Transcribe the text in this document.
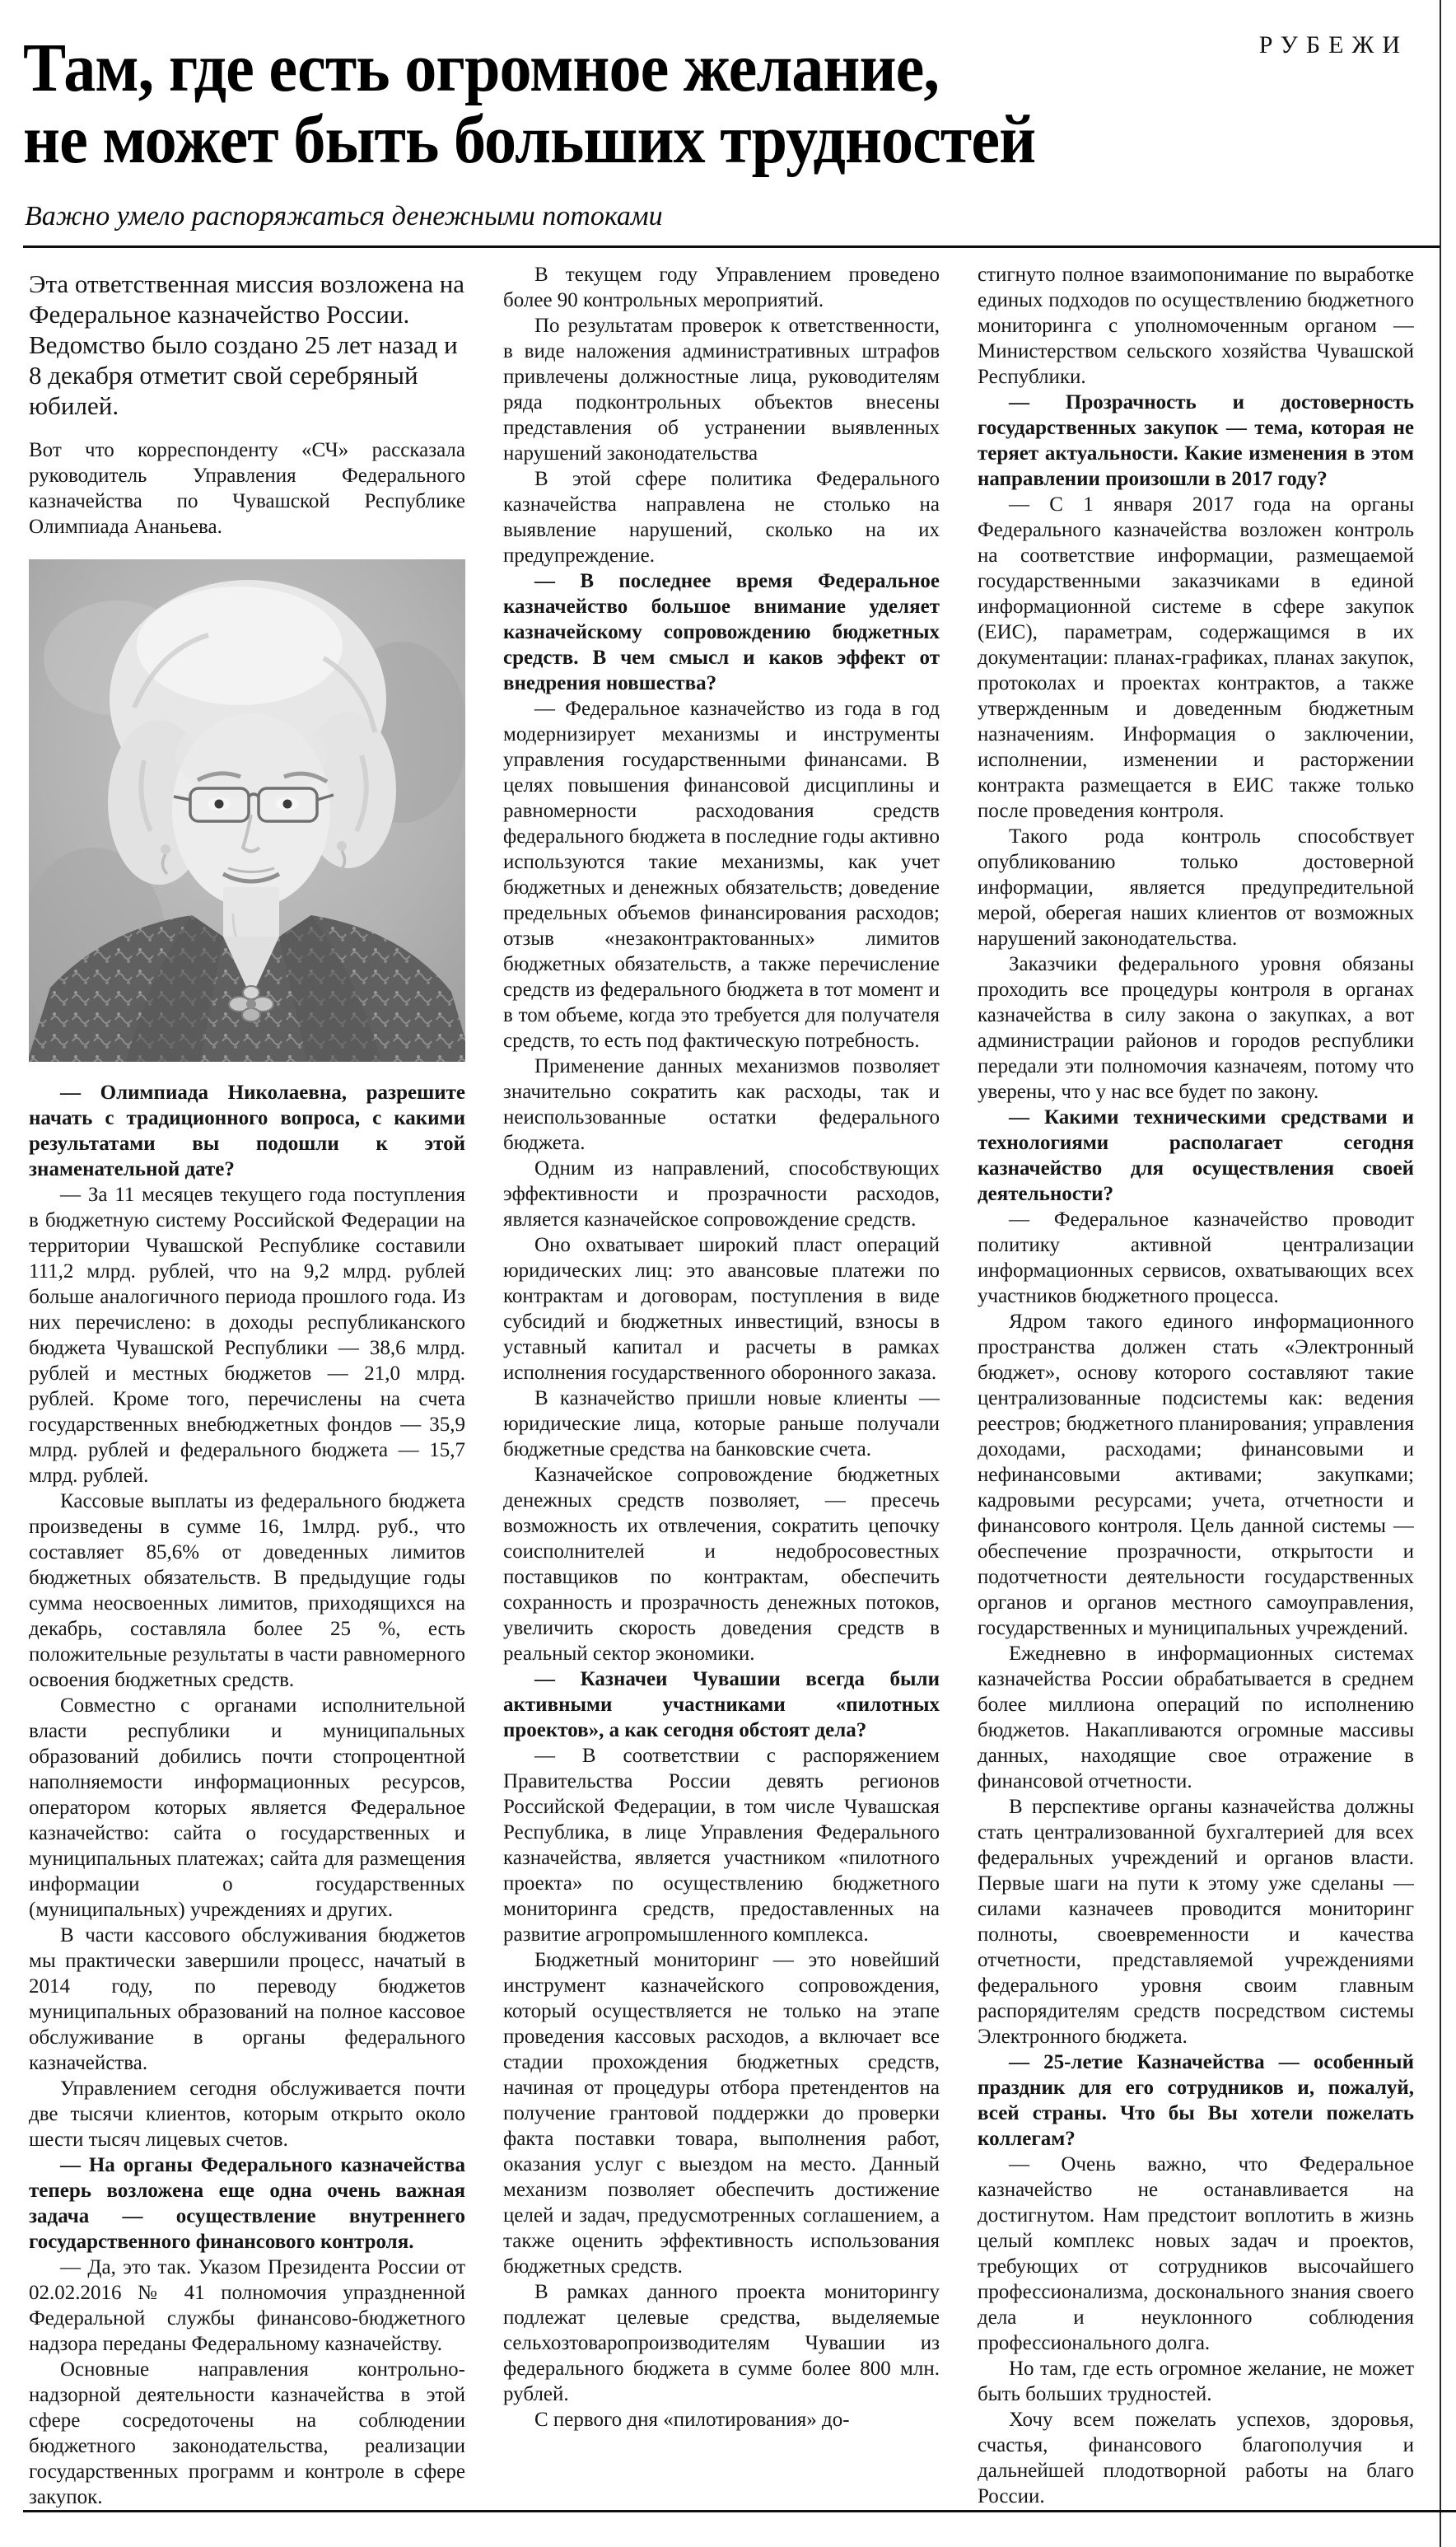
РУБЕЖИ
Там, где есть огромное желание,
не может быть больших трудностей

Важно умело распоряжаться денежными потоками

Эта ответственная миссия возложена на Федеральное казначейство России. Ведомство было создано 25 лет назад и 8 декабря отметит свой серебряный юбилей.

Вот что корреспонденту «СЧ» рассказала руководитель Управления Федерального казначейства по Чувашской Республике Олимпиада Ананьева.

— Олимпиада Николаевна, разрешите начать с традиционного вопроса, с какими результатами вы подошли к этой знаменательной дате?

— За 11 месяцев текущего года поступления в бюджетную систему Российской Федерации на территории Чувашской Республике составили 111,2 млрд. рублей, что на 9,2 млрд. рублей больше аналогичного периода прошлого года. Из них перечислено: в доходы республиканского бюджета Чувашской Республики — 38,6 млрд. рублей и местных бюджетов — 21,0 млрд. рублей. Кроме того, перечислены на счета государственных внебюджетных фондов — 35,9 млрд. рублей и федерального бюджета — 15,7 млрд. рублей.

Кассовые выплаты из федерального бюджета произведены в сумме 16, 1млрд. руб., что составляет 85,6% от доведенных лимитов бюджетных обязательств. В предыдущие годы сумма неосвоенных лимитов, приходящихся на декабрь, составляла более 25 %, есть положительные результаты в части равномерного освоения бюджетных средств.

Совместно с органами исполнительной власти республики и муниципальных образований добились почти стопроцентной наполняемости информационных ресурсов, оператором которых является Федеральное казначейство: сайта о государственных и муниципальных платежах; сайта для размещения информации о государственных (муниципальных) учреждениях и других.

В части кассового обслуживания бюджетов мы практически завершили процесс, начатый в 2014 году, по переводу бюджетов муниципальных образований на полное кассовое обслуживание в органы федерального казначейства.

Управлением сегодня обслуживается почти две тысячи клиентов, которым открыто около шести тысяч лицевых счетов.

— На органы Федерального казначейства теперь возложена еще одна очень важная задача — осуществление внутреннего государственного финансового контроля.

— Да, это так. Указом Президента России от 02.02.2016 № 41 полномочия упраздненной Федеральной службы финансово-бюджетного надзора переданы Федеральному казначейству.

Основные направления контрольно-надзорной деятельности казначейства в этой сфере сосредоточены на соблюдении бюджетного законодательства, реализации государственных программ и контроле в сфере закупок.

В текущем году Управлением проведено более 90 контрольных мероприятий.

По результатам проверок к ответственности, в виде наложения административных штрафов привлечены должностные лица, руководителям ряда подконтрольных объектов внесены представления об устранении выявленных нарушений законодательства

В этой сфере политика Федерального казначейства направлена не столько на выявление нарушений, сколько на их предупреждение.

— В последнее время Федеральное казначейство большое внимание уделяет казначейскому сопровождению бюджетных средств. В чем смысл и каков эффект от внедрения новшества?

— Федеральное казначейство из года в год модернизирует механизмы и инструменты управления государственными финансами. В целях повышения финансовой дисциплины и равномерности расходования средств федерального бюджета в последние годы активно используются такие механизмы, как учет бюджетных и денежных обязательств; доведение предельных объемов финансирования расходов; отзыв «незаконтрактованных» лимитов бюджетных обязательств, а также перечисление средств из федерального бюджета в тот момент и в том объеме, когда это требуется для получателя средств, то есть под фактическую потребность.

Применение данных механизмов позволяет значительно сократить как расходы, так и неиспользованные остатки федерального бюджета.

Одним из направлений, способствующих эффективности и прозрачности расходов, является казначейское сопровождение средств.

Оно охватывает широкий пласт операций юридических лиц: это авансовые платежи по контрактам и договорам, поступления в виде субсидий и бюджетных инвестиций, взносы в уставный капитал и расчеты в рамках исполнения государственного оборонного заказа.

В казначейство пришли новые клиенты — юридические лица, которые раньше получали бюджетные средства на банковские счета.

Казначейское сопровождение бюджетных денежных средств позволяет, — пресечь возможность их отвлечения, сократить цепочку соисполнителей и недобросовестных поставщиков по контрактам, обеспечить сохранность и прозрачность денежных потоков, увеличить скорость доведения средств в реальный сектор экономики.

— Казначеи Чувашии всегда были активными участниками «пилотных проектов», а как сегодня обстоят дела?

— В соответствии с распоряжением Правительства России девять регионов Российской Федерации, в том числе Чувашская Республика, в лице Управления Федерального казначейства, является участником «пилотного проекта» по осуществлению бюджетного мониторинга средств, предоставленных на развитие агропромышленного комплекса.

Бюджетный мониторинг — это новейший инструмент казначейского сопровождения, который осуществляется не только на этапе проведения кассовых расходов, а включает все стадии прохождения бюджетных средств, начиная от процедуры отбора претендентов на получение грантовой поддержки до проверки факта поставки товара, выполнения работ, оказания услуг с выездом на место. Данный механизм позволяет обеспечить достижение целей и задач, предусмотренных соглашением, а также оценить эффективность использования бюджетных средств.

В рамках данного проекта мониторингу подлежат целевые средства, выделяемые сельхозтоваропроизводителям Чувашии из федерального бюджета в сумме более 800 млн. рублей.

С первого дня «пилотирования» до-

стигнуто полное взаимопонимание по выработке единых подходов по осуществлению бюджетного мониторинга с уполномоченным органом — Министерством сельского хозяйства Чувашской Республики.

— Прозрачность и достоверность государственных закупок — тема, которая не теряет актуальности. Какие изменения в этом направлении произошли в 2017 году?

— С 1 января 2017 года на органы Федерального казначейства возложен контроль на соответствие информации, размещаемой государственными заказчиками в единой информационной системе в сфере закупок (ЕИС), параметрам, содержащимся в их документации: планах-графиках, планах закупок, протоколах и проектах контрактов, а также утвержденным и доведенным бюджетным назначениям. Информация о заключении, исполнении, изменении и расторжении контракта размещается в ЕИС также только после проведения контроля.

Такого рода контроль способствует опубликованию только достоверной информации, является предупредительной мерой, оберегая наших клиентов от возможных нарушений законодательства.

Заказчики федерального уровня обязаны проходить все процедуры контроля в органах казначейства в силу закона о закупках, а вот администрации районов и городов республики передали эти полномочия казначеям, потому что уверены, что у нас все будет по закону.

— Какими техническими средствами и технологиями располагает сегодня казначейство для осуществления своей деятельности?

— Федеральное казначейство проводит политику активной централизации информационных сервисов, охватывающих всех участников бюджетного процесса.

Ядром такого единого информационного пространства должен стать «Электронный бюджет», основу которого составляют такие централизованные подсистемы как: ведения реестров; бюджетного планирования; управления доходами, расходами; финансовыми и нефинансовыми активами; закупками; кадровыми ресурсами; учета, отчетности и финансового контроля. Цель данной системы — обеспечение прозрачности, открытости и подотчетности деятельности государственных органов и органов местного самоуправления, государственных и муниципальных учреждений.

Ежедневно в информационных системах казначейства России обрабатывается в среднем более миллиона операций по исполнению бюджетов. Накапливаются огромные массивы данных, находящие свое отражение в финансовой отчетности.

В перспективе органы казначейства должны стать централизованной бухгалтерией для всех федеральных учреждений и органов власти. Первые шаги на пути к этому уже сделаны — силами казначеев проводится мониторинг полноты, своевременности и качества отчетности, представляемой учреждениями федерального уровня своим главным распорядителям средств посредством системы Электронного бюджета.

— 25-летие Казначейства — особенный праздник для его сотрудников и, пожалуй, всей страны. Что бы Вы хотели пожелать коллегам?

— Очень важно, что Федеральное казначейство не останавливается на достигнутом. Нам предстоит воплотить в жизнь целый комплекс новых задач и проектов, требующих от сотрудников высочайшего профессионализма, досконального знания своего дела и неуклонного соблюдения профессионального долга.

Но там, где есть огромное желание, не может быть больших трудностей.

Хочу всем пожелать успехов, здоровья, счастья, финансового благополучия и дальнейшей плодотворной работы на благо России.
